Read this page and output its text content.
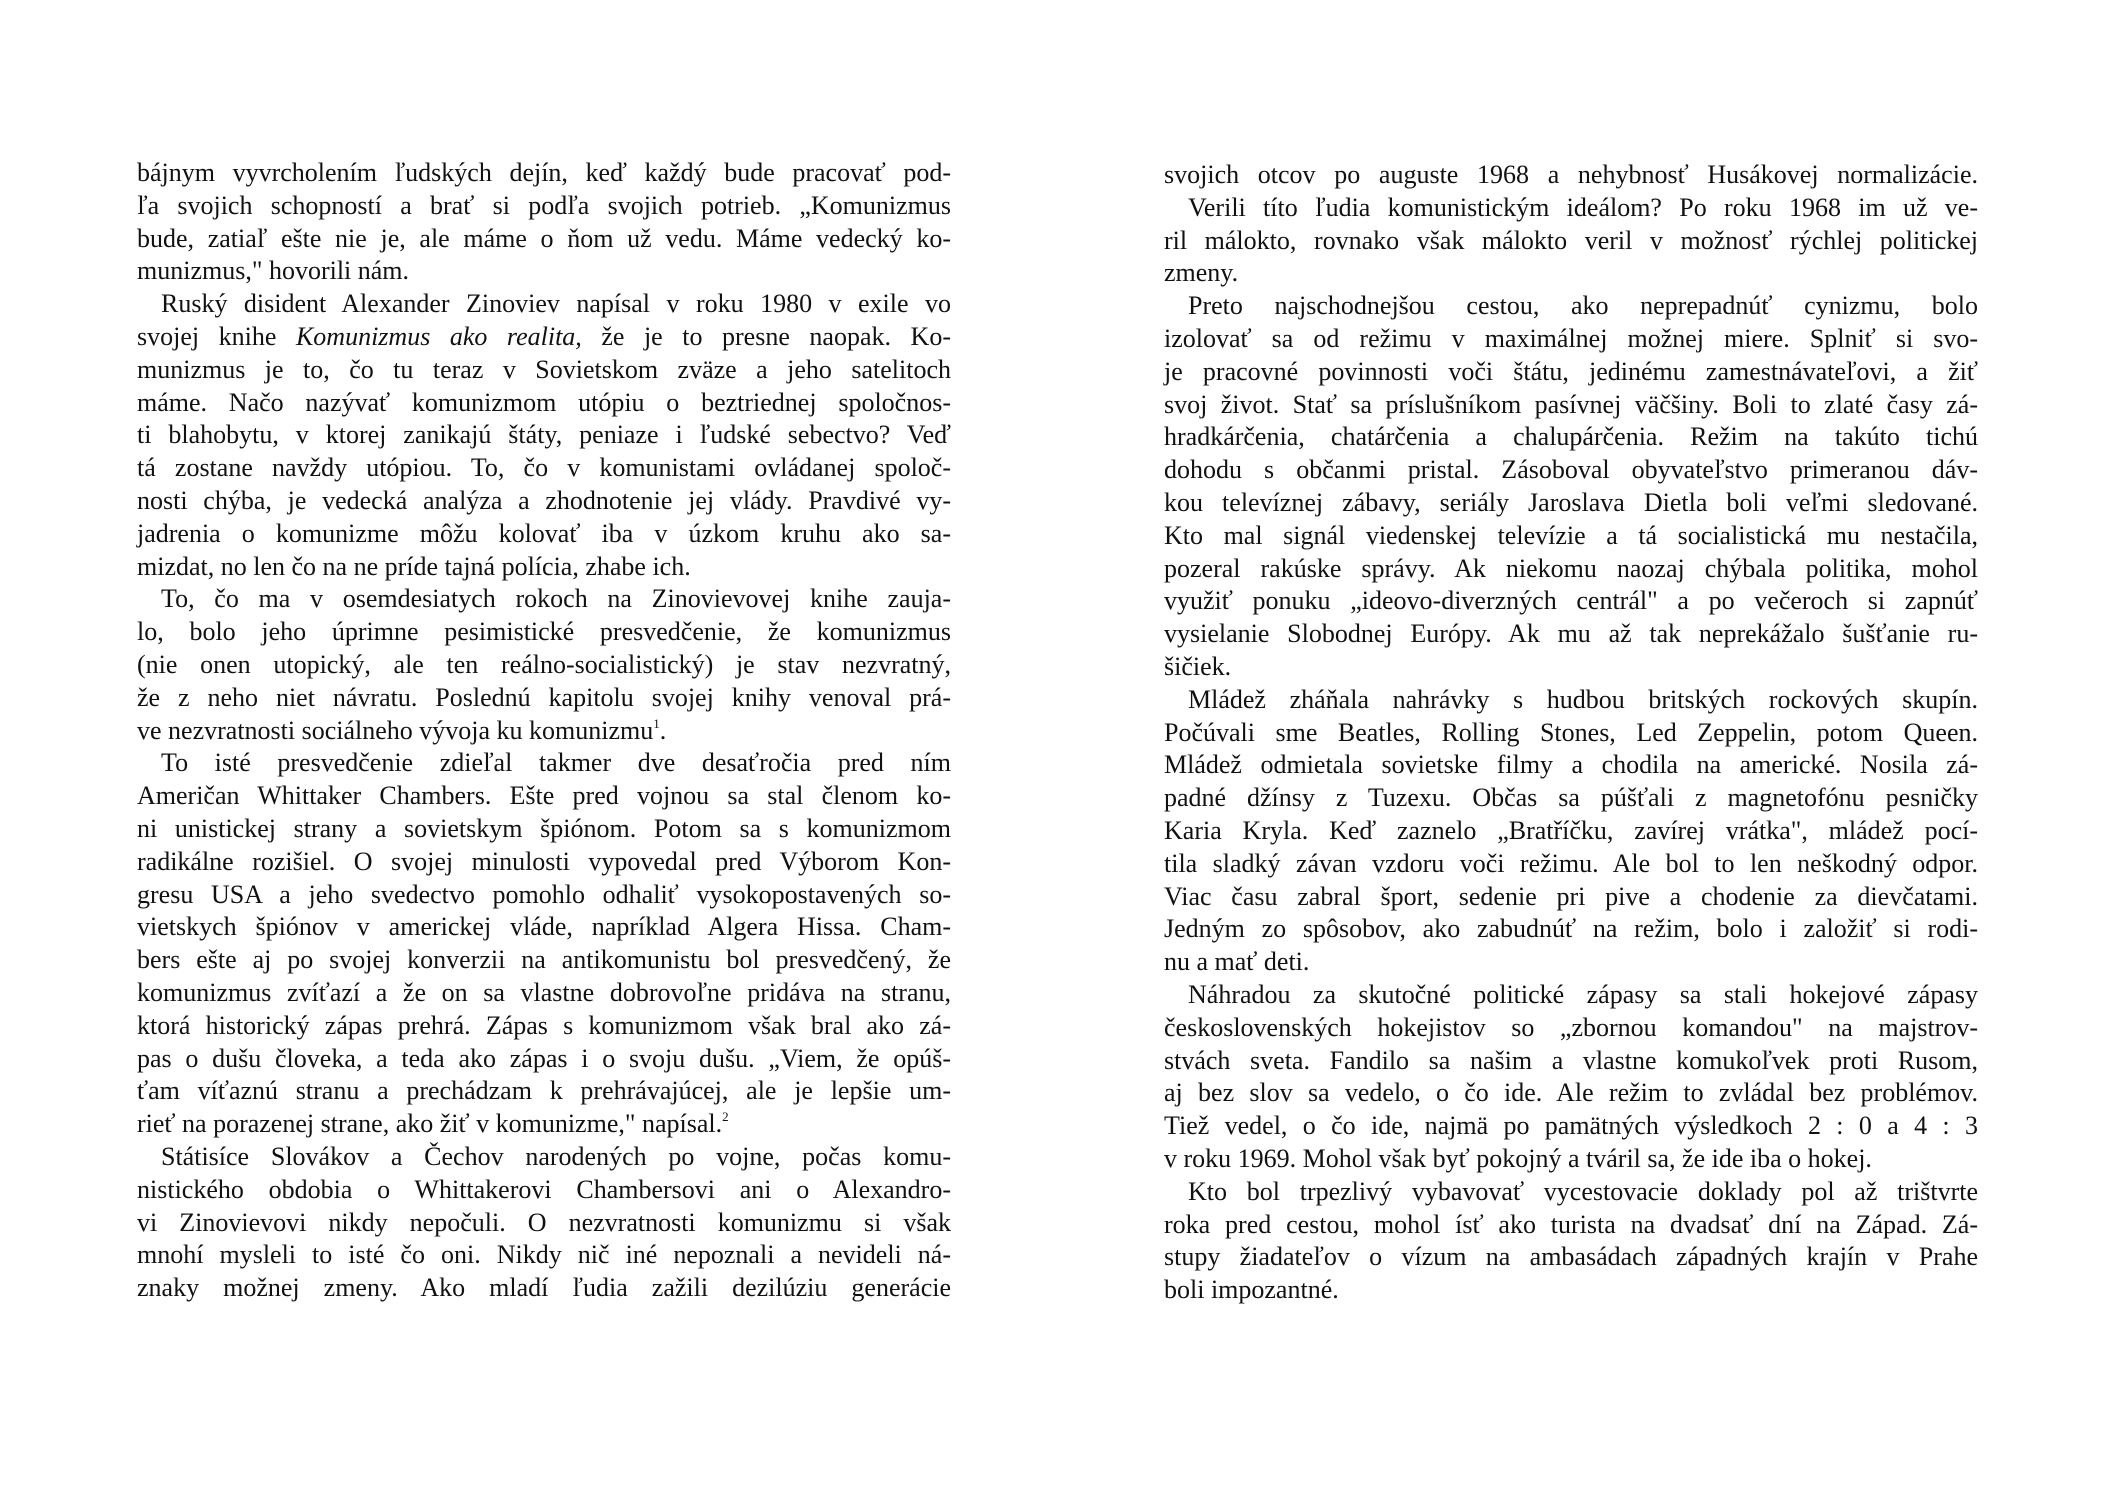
bájnym vyvrcholením ľudských dejín, keď každý bude pracovať pod-
ľa svojich schopností a brať si podľa svojich potrieb. „Komunizmus
bude, zatiaľ ešte nie je, ale máme o ňom už vedu. Máme vedecký ko-
munizmus," hovorili nám.
Ruský disident Alexander Zinoviev napísal v roku 1980 v exile vo
svojej knihe Komunizmus ako realita, že je to presne naopak. Ko-
munizmus je to, čo tu teraz v Sovietskom zväze a jeho satelitoch
máme. Načo nazývať komunizmom utópiu o beztriednej spoločnos-
ti blahobytu, v ktorej zanikajú štáty, peniaze i ľudské sebectvo? Veď
tá zostane navždy utópiou. To, čo v komunistami ovládanej spoloč-
nosti chýba, je vedecká analýza a zhodnotenie jej vlády. Pravdivé vy-
jadrenia o komunizme môžu kolovať iba v úzkom kruhu ako sa-
mizdat, no len čo na ne príde tajná polícia, zhabe ich.
To, čo ma v osemdesiatych rokoch na Zinovievovej knihe zauja-
lo, bolo jeho úprimne pesimistické presvedčenie, že komunizmus
(nie onen utopický, ale ten reálno-socialistický) je stav nezvratný,
že z neho niet návratu. Poslednú kapitolu svojej knihy venoval prá-
ve nezvratnosti sociálneho vývoja ku komunizmu$^1$.
To isté presvedčenie zdieľal takmer dve desaťročia pred ním
Američan Whittaker Chambers. Ešte pred vojnou sa stal členom ko-
ni unistickej strany a sovietskym špiónom. Potom sa s komunizmom
radikálne rozišiel. O svojej minulosti vypovedal pred Výborom Kon-
gresu USA a jeho svedectvo pomohlo odhaliť vysokopostavených so-
vietskych špiónov v americkej vláde, napríklad Algera Hissa. Cham-
bers ešte aj po svojej konverzii na antikomunistu bol presvedčený, že
komunizmus zvíťazí a že on sa vlastne dobrovoľne pridáva na stranu,
ktorá historický zápas prehrá. Zápas s komunizmom však bral ako zá-
pas o dušu človeka, a teda ako zápas i o svoju dušu. „Viem, že opúš-
ťam víťaznú stranu a prechádzam k prehrávajúcej, ale je lepšie um-
rieť na porazenej strane, ako žiť v komunizme," napísal.$^2$
Státisíce Slovákov a Čechov narodených po vojne, počas komu-
nistického obdobia o Whittakerovi Chambersovi ani o Alexandro-
vi Zinovievovi nikdy nepočuli. O nezvratnosti komunizmu si však
mnohí mysleli to isté čo oni. Nikdy nič iné nepoznali a nevideli ná-
znaky možnej zmeny. Ako mladí ľudia zažili dezilúziu generácie
svojich otcov po auguste 1968 a nehybnosť Husákovej normalizácie.
Verili títo ľudia komunistickým ideálom? Po roku 1968 im už ve-
ril málokto, rovnako však málokto veril v možnosť rýchlej politickej
zmeny.
Preto najschodnejšou cestou, ako neprepadnúť cynizmu, bolo
izolovať sa od režimu v maximálnej možnej miere. Splniť si svo-
je pracovné povinnosti voči štátu, jedinému zamestnávateľovi, a žiť
svoj život. Stať sa príslušníkom pasívnej väčšiny. Boli to zlaté časy zá-
hradkárčenia, chatárčenia a chalupárčenia. Režim na takúto tichú
dohodu s občanmi pristal. Zásoboval obyvateľstvo primeranou dáv-
kou televíznej zábavy, seriály Jaroslava Dietla boli veľmi sledované.
Kto mal signál viedenskej televízie a tá socialistická mu nestačila,
pozeral rakúske správy. Ak niekomu naozaj chýbala politika, mohol
využiť ponuku „ideovo-diverzných centrál" a po večeroch si zapnúť
vysielanie Slobodnej Európy. Ak mu až tak neprekážalo šušťanie ru-
šičiek.
Mládež zháňala nahrávky s hudbou britských rockových skupín.
Počúvali sme Beatles, Rolling Stones, Led Zeppelin, potom Queen.
Mládež odmietala sovietske filmy a chodila na americké. Nosila zá-
padné džínsy z Tuzexu. Občas sa púšťali z magnetofónu pesničky
Karia Kryla. Keď zaznelo „Bratříčku, zavírej vrátka", mládež pocí-
tila sladký závan vzdoru voči režimu. Ale bol to len neškodný odpor.
Viac času zabral šport, sedenie pri pive a chodenie za dievčatami.
Jedným zo spôsobov, ako zabudnúť na režim, bolo i založiť si rodi-
nu a mať deti.
Náhradou za skutočné politické zápasy sa stali hokejové zápasy
československých hokejistov so „zbornou komandou" na majstrov-
stvách sveta. Fandilo sa našim a vlastne komukoľvek proti Rusom,
aj bez slov sa vedelo, o čo ide. Ale režim to zvládal bez problémov.
Tiež vedel, o čo ide, najmä po pamätných výsledkoch 2 : 0 a 4 : 3
v roku 1969. Mohol však byť pokojný a tváril sa, že ide iba o hokej.
Kto bol trpezlivý vybavovať vycestovacie doklady pol až trištvrte
roka pred cestou, mohol ísť ako turista na dvadsať dní na Západ. Zá-
stupy žiadateľov o vízum na ambasádach západných krajín v Prahe
boli impozantné.
